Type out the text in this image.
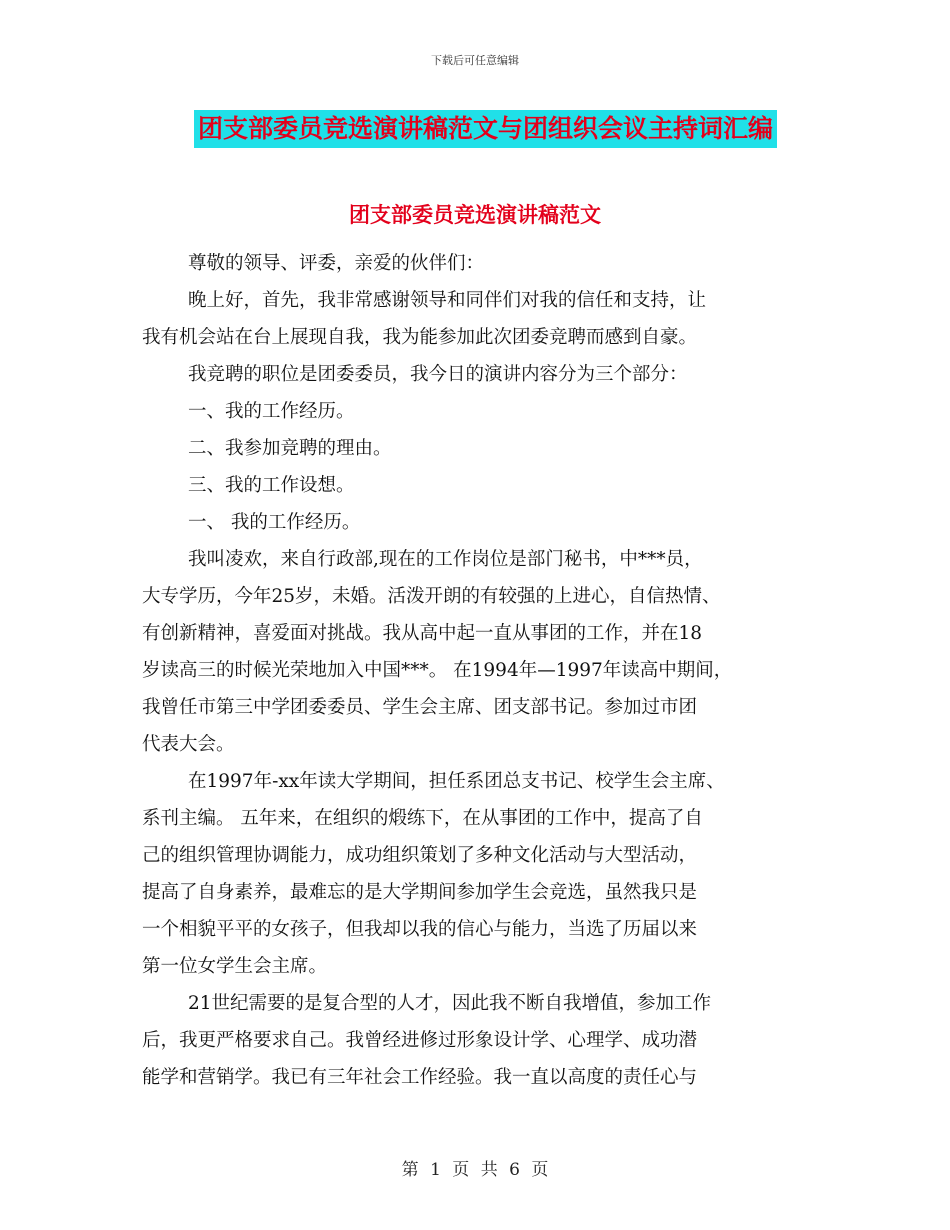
下载后可任意编辑
团支部委员竞选演讲稿范文与团组织会议主持词汇编
团支部委员竞选演讲稿范文

尊敬的领导、评委，亲爱的伙伴们：

晚上好，首先，我非常感谢领导和同伴们对我的信任和支持，让

我有机会站在台上展现自我，我为能参加此次团委竞聘而感到自豪。

我竞聘的职位是团委委员，我今日的演讲内容分为三个部分：

一、我的工作经历。

二、我参加竞聘的理由。

三、我的工作设想。

一、 我的工作经历。

我叫凌欢，来自行政部,现在的工作岗位是部门秘书，中***员，

大专学历，今年25岁，未婚。活泼开朗的有较强的上进心，自信热情、

有创新精神，喜爱面对挑战。我从高中起一直从事团的工作，并在18

岁读高三的时候光荣地加入中国***。 在1994年—1997年读高中期间，

我曾任市第三中学团委委员、学生会主席、团支部书记。参加过市团

代表大会。

在1997年-xx年读大学期间，担任系团总支书记、校学生会主席、

系刊主编。 五年来，在组织的煅练下，在从事团的工作中，提高了自

己的组织管理协调能力，成功组织策划了多种文化活动与大型活动，

提高了自身素养，最难忘的是大学期间参加学生会竞选，虽然我只是

一个相貌平平的女孩子，但我却以我的信心与能力，当选了历届以来

第一位女学生会主席。

21世纪需要的是复合型的人才，因此我不断自我增值，参加工作

后，我更严格要求自己。我曾经进修过形象设计学、心理学、成功潜

能学和营销学。我已有三年社会工作经验。我一直以高度的责任心与

第 1 页 共 6 页
